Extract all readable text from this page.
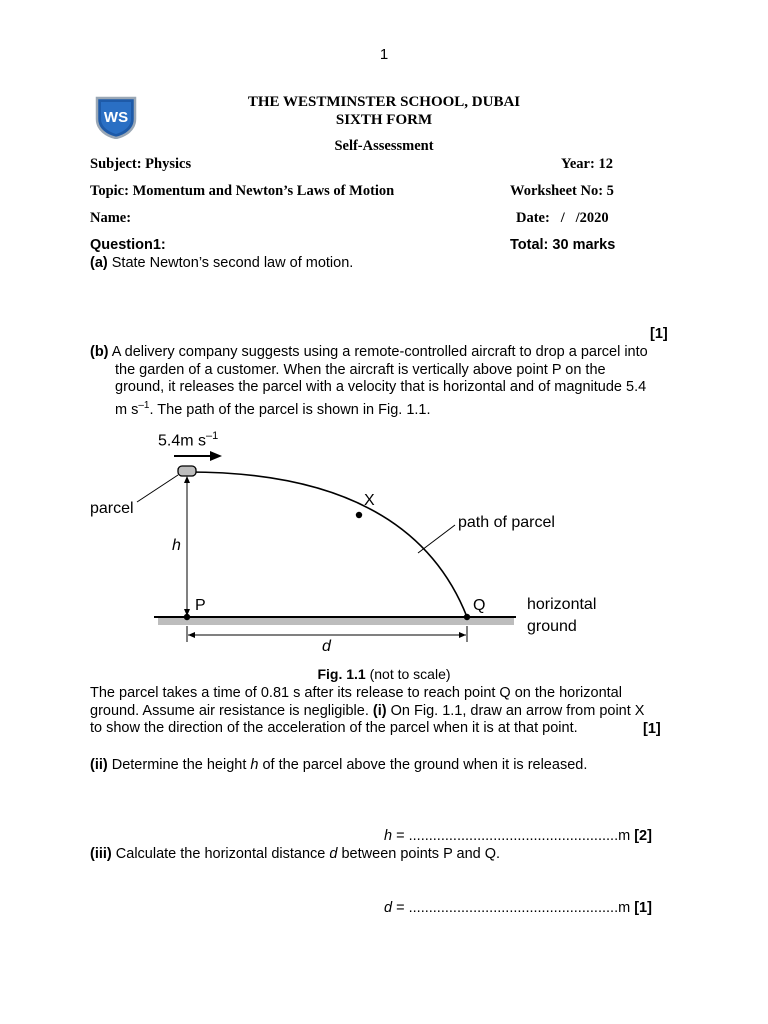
1
WS
THE WESTMINSTER SCHOOL, DUBAI
SIXTH FORM
Self-Assessment
Subject: Physics	Year: 12
Topic: Momentum and Newton’s Laws of Motion	Worksheet No: 5
Name:	Date:   /   /2020
Question1:	Total: 30 marks
(a) State Newton’s second law of motion.
[1]
(b) A delivery company suggests using a remote-controlled aircraft to drop a parcel into
the garden of a customer. When the aircraft is vertically above point P on the
ground, it releases the parcel with a velocity that is horizontal and of magnitude 5.4
m $s^{-1}$. The path of the parcel is shown in Fig. 1.1.
5.4m $s^{-1}$
parcel
h
X
path of parcel
P	Q	horizontal
ground
d
Fig. 1.1 (not to scale)
The parcel takes a time of 0.81 s after its release to reach point Q on the horizontal
ground. Assume air resistance is negligible. (i) On Fig. 1.1, draw an arrow from point X
to show the direction of the acceleration of the parcel when it is at that point.	[1]
(ii) Determine the height h of the parcel above the ground when it is released.
h = ....................................................m [2]
(iii) Calculate the horizontal distance d between points P and Q.
d = ....................................................m [1]
